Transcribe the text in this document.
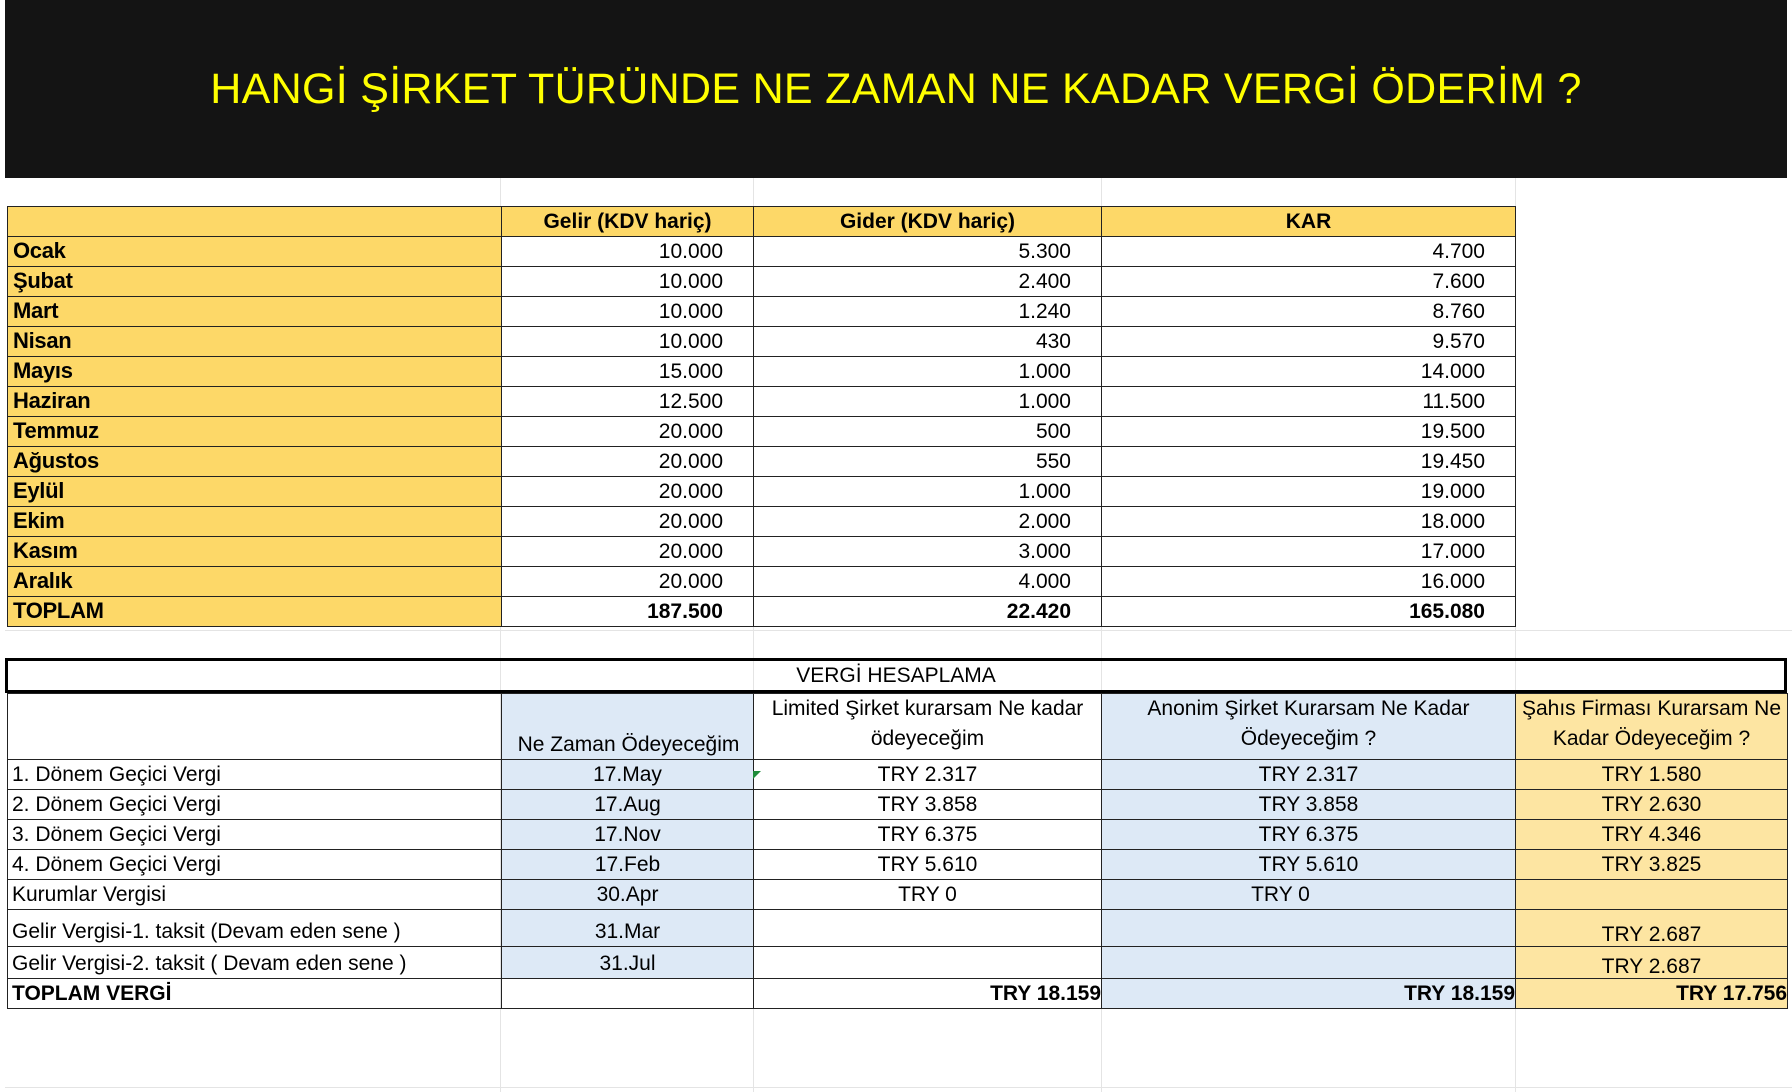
HANGİ ŞİRKET TÜRÜNDE NE ZAMAN NE KADAR VERGİ ÖDERİM ?
	Gelir (KDV hariç)	Gider (KDV hariç)	KAR
Ocak	10.000	5.300	4.700
Şubat	10.000	2.400	7.600
Mart	10.000	1.240	8.760
Nisan	10.000	430	9.570
Mayıs	15.000	1.000	14.000
Haziran	12.500	1.000	11.500
Temmuz	20.000	500	19.500
Ağustos	20.000	550	19.450
Eylül	20.000	1.000	19.000
Ekim	20.000	2.000	18.000
Kasım	20.000	3.000	17.000
Aralık	20.000	4.000	16.000
TOPLAM	187.500	22.420	165.080
VERGİ HESAPLAMA
	Ne Zaman Ödeyeceğim	Limited Şirket kurarsam Ne kadar ödeyeceğim	Anonim Şirket Kurarsam Ne Kadar Ödeyeceğim ?	Şahıs Firması Kurarsam Ne Kadar Ödeyeceğim ?
1. Dönem Geçici Vergi	17.May	TRY 2.317	TRY 2.317	TRY 1.580
2. Dönem Geçici Vergi	17.Aug	TRY 3.858	TRY 3.858	TRY 2.630
3. Dönem Geçici Vergi	17.Nov	TRY 6.375	TRY 6.375	TRY 4.346
4. Dönem Geçici Vergi	17.Feb	TRY 5.610	TRY 5.610	TRY 3.825
Kurumlar Vergisi	30.Apr	TRY 0	TRY 0	
Gelir Vergisi-1. taksit (Devam eden sene )	31.Mar			TRY 2.687
Gelir Vergisi-2. taksit ( Devam eden sene )	31.Jul			TRY 2.687
TOPLAM VERGİ		TRY 18.159	TRY 18.159	TRY 17.756
